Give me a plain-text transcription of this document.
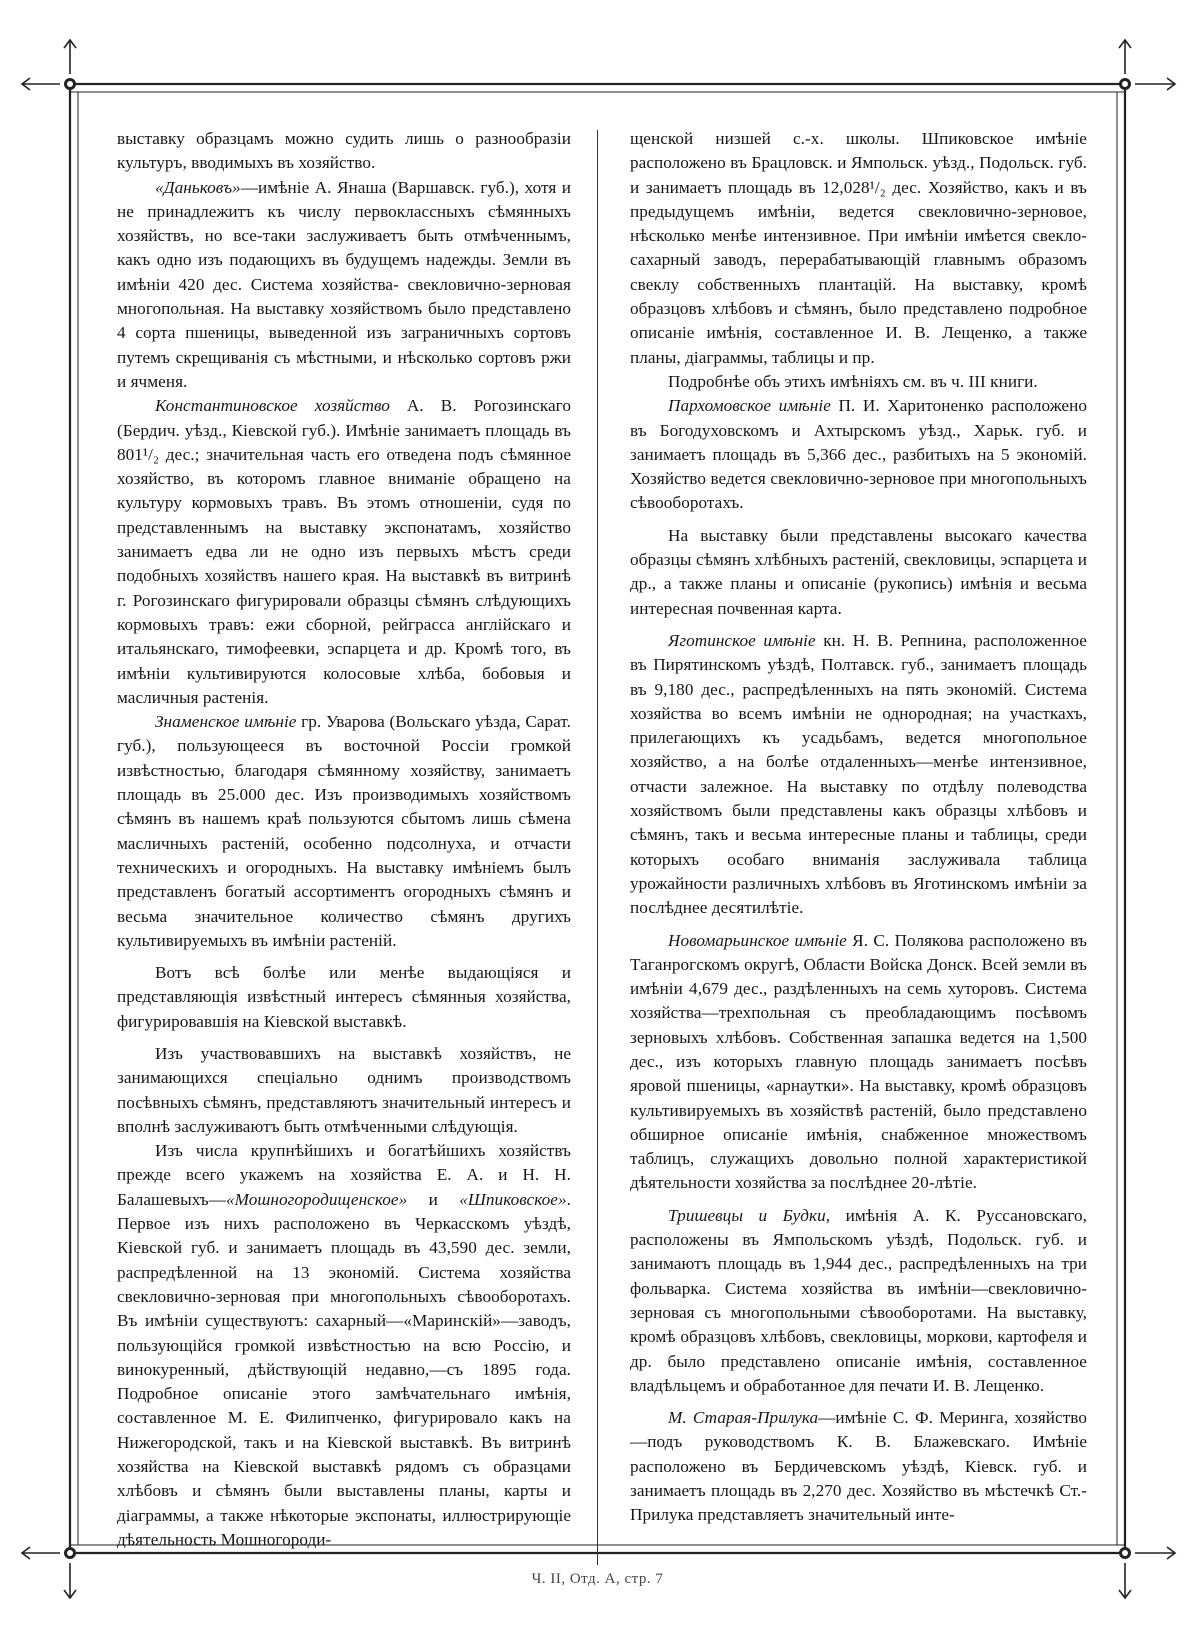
выставку образцамъ можно судить лишь о разнообразіи культуръ, вводимыхъ въ хозяйство.

«Даньковъ»—имѣніе А. Янаша (Варшавск. губ.), хотя и не принадлежитъ къ числу первоклассныхъ сѣмянныхъ хозяйствъ, но все-таки заслуживаетъ быть отмѣченнымъ, какъ одно изъ подающихъ въ будущемъ надежды. Земли въ имѣніи 420 дес. Система хозяйства- свекловично-зерновая многопольная. На выставку хозяйствомъ было представлено 4 сорта пшеницы, выведенной изъ заграничныхъ сортовъ путемъ скрещиванія съ мѣстными, и нѣсколько сортовъ ржи и ячменя.

Константиновское хозяйство А. В. Рогозинскаго (Бердич. уѣзд., Кіевской губ.). Имѣніе занимаетъ площадь въ 801¹/₂ дес.; значительная часть его отведена подъ сѣмянное хозяйство, въ которомъ главное вниманіе обращено на культуру кормовыхъ травъ. Въ этомъ отношеніи, судя по представленнымъ на выставку экспонатамъ, хозяйство занимаетъ едва ли не одно изъ первыхъ мѣстъ среди подобныхъ хозяйствъ нашего края. На выставкѣ въ витринѣ г. Рогозинскаго фигурировали образцы сѣмянъ слѣдующихъ кормовыхъ травъ: ежи сборной, рейграсса англійскаго и итальянскаго, тимофеевки, эспарцета и др. Кромѣ того, въ имѣніи культивируются колосовые хлѣба, бобовыя и масличныя растенія.

Знаменское имѣніе гр. Уварова (Вольскаго уѣзда, Сарат. губ.), пользующееся въ восточной Россіи громкой извѣстностью, благодаря сѣмянному хозяйству, занимаетъ площадь въ 25.000 дес. Изъ производимыхъ хозяйствомъ сѣмянъ въ нашемъ краѣ пользуются сбытомъ лишь сѣмена масличныхъ растеній, особенно подсолнуха, и отчасти техническихъ и огородныхъ. На выставку имѣніемъ былъ представленъ богатый ассортиментъ огородныхъ сѣмянъ и весьма значительное количество сѣмянъ другихъ культивируемыхъ въ имѣніи растеній.

Вотъ всѣ болѣе или менѣе выдающіяся и представляющія извѣстный интересъ сѣмянныя хозяйства, фигурировавшія на Кіевской выставкѣ.

Изъ участвовавшихъ на выставкѣ хозяйствъ, не занимающихся спеціально однимъ производствомъ посѣвныхъ сѣмянъ, представляютъ значительный интересъ и вполнѣ заслуживаютъ быть отмѣченными слѣдующія.

Изъ числа крупнѣйшихъ и богатѣйшихъ хозяйствъ прежде всего укажемъ на хозяйства Е. А. и Н. Н. Балашевыхъ—«Мошногородищенское» и «Шпиковское». Первое изъ нихъ расположено въ Черкасскомъ уѣздѣ, Кіевской губ. и занимаетъ площадь въ 43,590 дес. земли, распредѣленной на 13 экономій. Система хозяйства свекловично-зерновая при многопольныхъ сѣвооборотахъ. Въ имѣніи существуютъ: сахарный—«Маринскій»—заводъ, пользующійся громкой извѣстностью на всю Россію, и винокуренный, дѣйствующій недавно,—съ 1895 года. Подробное описаніе этого замѣчательнаго имѣнія, составленное М. Е. Филипченко, фигурировало какъ на Нижегородской, такъ и на Кіевской выставкѣ. Въ витринѣ хозяйства на Кіевской выставкѣ рядомъ съ образцами хлѣбовъ и сѣмянъ были выставлены планы, карты и діаграммы, а также нѣкоторые экспонаты, иллюстрирующіе дѣятельность Мошногороди-

щенской низшей с.-х. школы. Шпиковское имѣніе расположено въ Брацловск. и Ямпольск. уѣзд., Подольск. губ. и занимаетъ площадь въ 12,028¹/₂ дес. Хозяйство, какъ и въ предыдущемъ имѣніи, ведется свекловично-зерновое, нѣсколько менѣе интензивное. При имѣніи имѣется свекло-сахарный заводъ, перерабатывающій главнымъ образомъ свеклу собственныхъ плантацій. На выставку, кромѣ образцовъ хлѣбовъ и сѣмянъ, было представлено подробное описаніе имѣнія, составленное И. В. Лещенко, а также планы, діаграммы, таблицы и пр.

Подробнѣе объ этихъ имѣніяхъ см. въ ч. III книги.

Пархомовское имѣніе П. И. Харитоненко расположено въ Богодуховскомъ и Ахтырскомъ уѣзд., Харьк. губ. и занимаетъ площадь въ 5,366 дес., разбитыхъ на 5 экономій. Хозяйство ведется свекловично-зерновое при многопольныхъ сѣвооборотахъ.

На выставку были представлены высокаго качества образцы сѣмянъ хлѣбныхъ растеній, свекловицы, эспарцета и др., а также планы и описаніе (рукопись) имѣнія и весьма интересная почвенная карта.

Яготинское имѣніе кн. Н. В. Репнина, расположенное въ Пирятинскомъ уѣздѣ, Полтавск. губ., занимаетъ площадь въ 9,180 дес., распредѣленныхъ на пять экономій. Система хозяйства во всемъ имѣніи не однородная; на участкахъ, прилегающихъ къ усадьбамъ, ведется многопольное хозяйство, а на болѣе отдаленныхъ—менѣе интензивное, отчасти залежное. На выставку по отдѣлу полеводства хозяйствомъ были представлены какъ образцы хлѣбовъ и сѣмянъ, такъ и весьма интересные планы и таблицы, среди которыхъ особаго вниманія заслуживала таблица урожайности различныхъ хлѣбовъ въ Яготинскомъ имѣніи за послѣднее десятилѣтіе.

Новомарьинское имѣніе Я. С. Полякова расположено въ Таганрогскомъ округѣ, Области Войска Донск. Всей земли въ имѣніи 4,679 дес., раздѣленныхъ на семь хуторовъ. Система хозяйства—трехпольная съ преобладающимъ посѣвомъ зерновыхъ хлѣбовъ. Собственная запашка ведется на 1,500 дес., изъ которыхъ главную площадь занимаетъ посѣвъ яровой пшеницы, «арнаутки». На выставку, кромѣ образцовъ культивируемыхъ въ хозяйствѣ растеній, было представлено обширное описаніе имѣнія, снабженное множествомъ таблицъ, служащихъ довольно полной характеристикой дѣятельности хозяйства за послѣднее 20-лѣтіе.

Тришевцы и Будки, имѣнія А. К. Руссановскаго, расположены въ Ямпольскомъ уѣздѣ, Подольск. губ. и занимаютъ площадь въ 1,944 дес., распредѣленныхъ на три фольварка. Система хозяйства въ имѣніи—свекловично-зерновая съ многопольными сѣвооборотами. На выставку, кромѣ образцовъ хлѣбовъ, свекловицы, моркови, картофеля и др. было представлено описаніе имѣнія, составленное владѣльцемъ и обработанное для печати И. В. Лещенко.

М. Старая-Прилука—имѣніе С. Ф. Меринга, хозяйство—подъ руководствомъ К. В. Блажевскаго. Имѣніе расположено въ Бердичевскомъ уѣздѣ, Кіевск. губ. и занимаетъ площадь въ 2,270 дес. Хозяйство въ мѣстечкѣ Ст.-Прилука представляетъ значительный инте-

Ч. II, Отд. А, стр. 7
